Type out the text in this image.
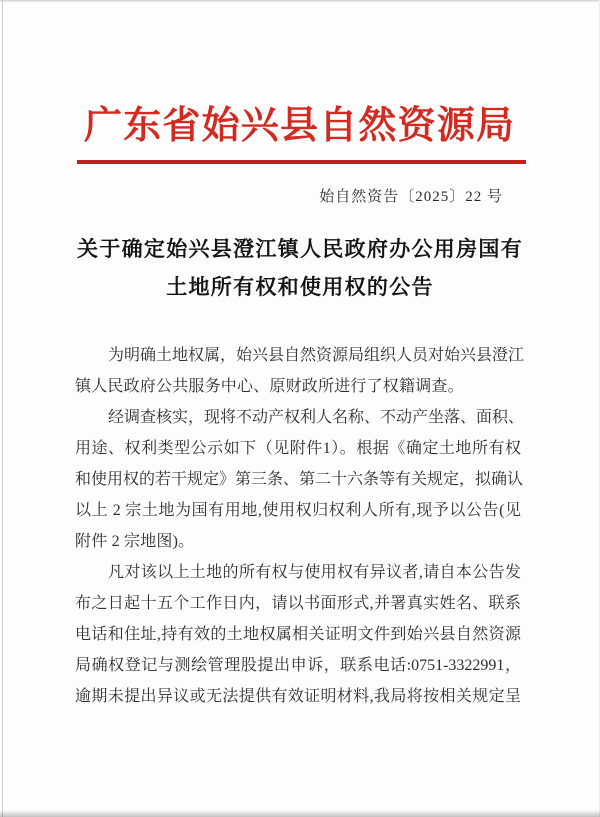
广东省始兴县自然资源局
始自然资告〔2025〕22 号
关于确定始兴县澄江镇人民政府办公用房国有
土地所有权和使用权的公告
为明确土地权属，始兴县自然资源局组织人员对始兴县澄江
镇人民政府公共服务中心、原财政所进行了权籍调查。
经调查核实，现将不动产权利人名称、不动产坐落、面积、
用途、权利类型公示如下（见附件1）。根据《确定土地所有权
和使用权的若干规定》第三条、第二十六条等有关规定，拟确认
以上 2 宗土地为国有用地,使用权归权利人所有,现予以公告(见
附件 2 宗地图)。
凡对该以上土地的所有权与使用权有异议者,请自本公告发
布之日起十五个工作日内，请以书面形式,并署真实姓名、联系
电话和住址,持有效的土地权属相关证明文件到始兴县自然资源
局确权登记与测绘管理股提出申诉，联系电话:0751-3322991，
逾期未提出异议或无法提供有效证明材料,我局将按相关规定呈
